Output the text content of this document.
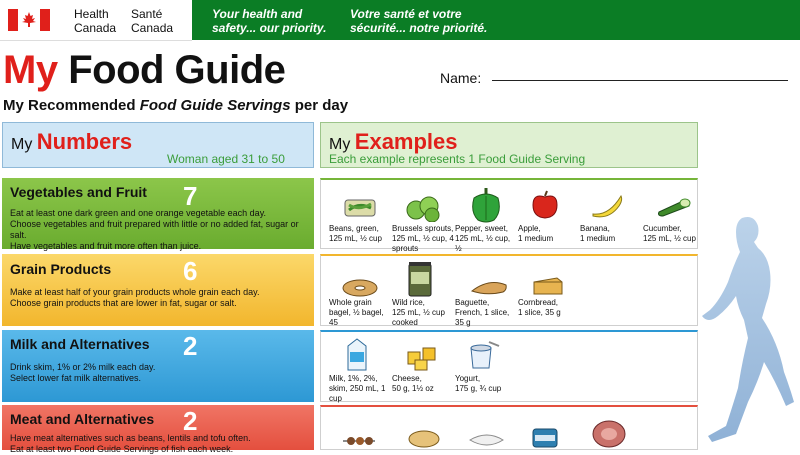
Health
Canada
Santé
Canada
Your health and
safety... our priority.
Votre santé et votre
sécurité... notre priorité.
My Food Guide	Name:
My Recommended Food Guide Servings per day
My Numbers
Woman aged 31 to 50
My Examples
Each example represents 1 Food Guide Serving
Vegetables and Fruit 7
Eat at least one dark green and one orange vegetable each day.
Choose vegetables and fruit prepared with little or no added fat, sugar or salt.
Have vegetables and fruit more often than juice.
Grain Products	6
Make at least half of your grain products whole grain each day.
Choose grain products that are lower in fat, sugar or salt.
Milk and Alternatives 2
Drink skim, 1% or 2% milk each day.
Select lower fat milk alternatives.
Meat and Alternatives 2
Have meat alternatives such as beans, lentils and tofu often.
Eat at least two Food Guide Servings of fish each week.
Beans, green,
125 mL, ½ cup
Brussels sprouts,
125 mL, ½ cup, 4
sprouts
Pepper, sweet,
125 mL, ½ cup, ½
Apple,
1 medium
Banana,
1 medium
Cucumber,
125 mL, ½ cup
Whole grain
bagel, ½ bagel, 45
Wild rice,
125 mL, ½ cup
cooked
Baguette,
French, 1 slice,
35 g
Cornbread,
1 slice, 35 g
Milk, 1%, 2%,
skim, 250 mL, 1
cup
Cheese,
50 g, 1½ oz
Yogurt,
175 g, ¾ cup
